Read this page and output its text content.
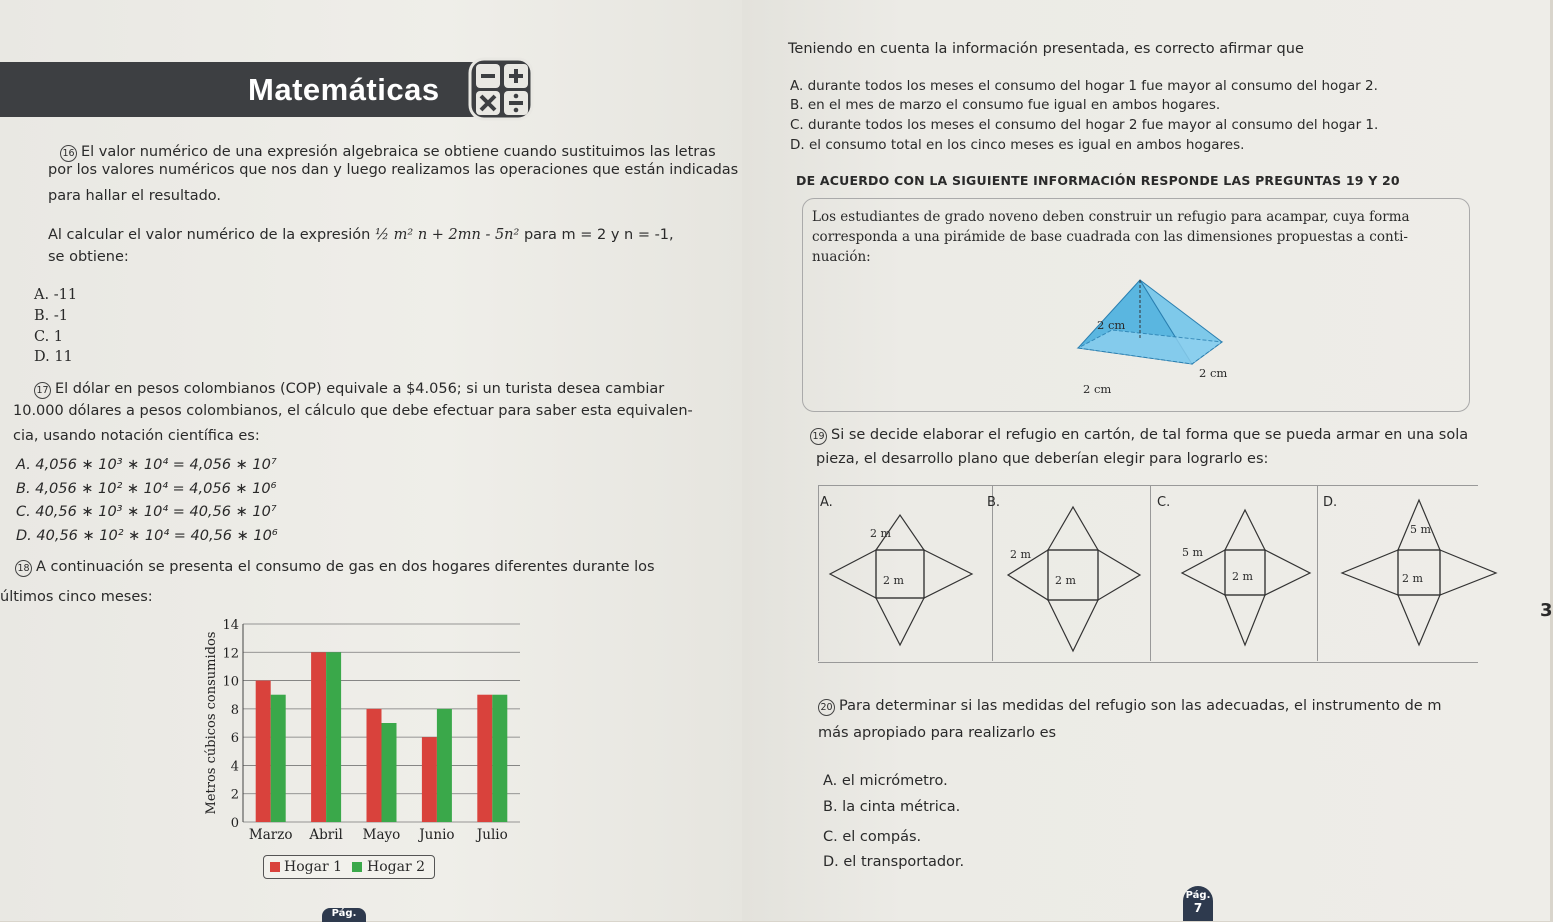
Matemáticas
16 El valor numérico de una expresión algebraica se obtiene cuando sustituimos las letras
por los valores numéricos que nos dan y luego realizamos las operaciones que están indicadas
para hallar el resultado.
Al calcular el valor numérico de la expresión ½ m² n + 2mn - 5n² para m = 2 y n = -1,
se obtiene:
A. -11
B. -1
C. 1
D. 11
17 El dólar en pesos colombianos (COP) equivale a $4.056; si un turista desea cambiar
10.000 dólares a pesos colombianos, el cálculo que debe efectuar para saber esta equivalen-
cia, usando notación científica es:
A. 4,056 ∗ 10³ ∗ 10⁴ = 4,056 ∗ 10⁷
B. 4,056 ∗ 10² ∗ 10⁴ = 4,056 ∗ 10⁶
C. 40,56 ∗ 10³ ∗ 10⁴ = 40,56 ∗ 10⁷
D. 40,56 ∗ 10² ∗ 10⁴ = 40,56 ∗ 10⁶
18 A continuación se presenta el consumo de gas en dos hogares diferentes durante los
últimos cinco meses:
0
2
4
6
8
10
12
14
Metros cúbicos consumidos
Marzo Abril Mayo Junio Julio
Hogar 1 Hogar 2
Pág.
Teniendo en cuenta la información presentada, es correcto afirmar que
A. durante todos los meses el consumo del hogar 1 fue mayor al consumo del hogar 2.
B. en el mes de marzo el consumo fue igual en ambos hogares.
C. durante todos los meses el consumo del hogar 2 fue mayor al consumo del hogar 1.
D. el consumo total en los cinco meses es igual en ambos hogares.
DE ACUERDO CON LA SIGUIENTE INFORMACIÓN RESPONDE LAS PREGUNTAS 19 Y 20
Los estudiantes de grado noveno deben construir un refugio para acampar, cuya forma
corresponda a una pirámide de base cuadrada con las dimensiones propuestas a conti-
nuación:
2 cm
2 cm
2 cm
19 Si se decide elaborar el refugio en cartón, de tal forma que se pueda armar en una sola
pieza, el desarrollo plano que deberían elegir para lograrlo es:
A.	B.	C.	D.
2 m
2 m
2 m
2 m
5 m
2 m
5 m
2 m
20 Para determinar si las medidas del refugio son las adecuadas, el instrumento de m
más apropiado para realizarlo es
A. el micrómetro.
B. la cinta métrica.
C. el compás.
D. el transportador.
Pág.
7
3
